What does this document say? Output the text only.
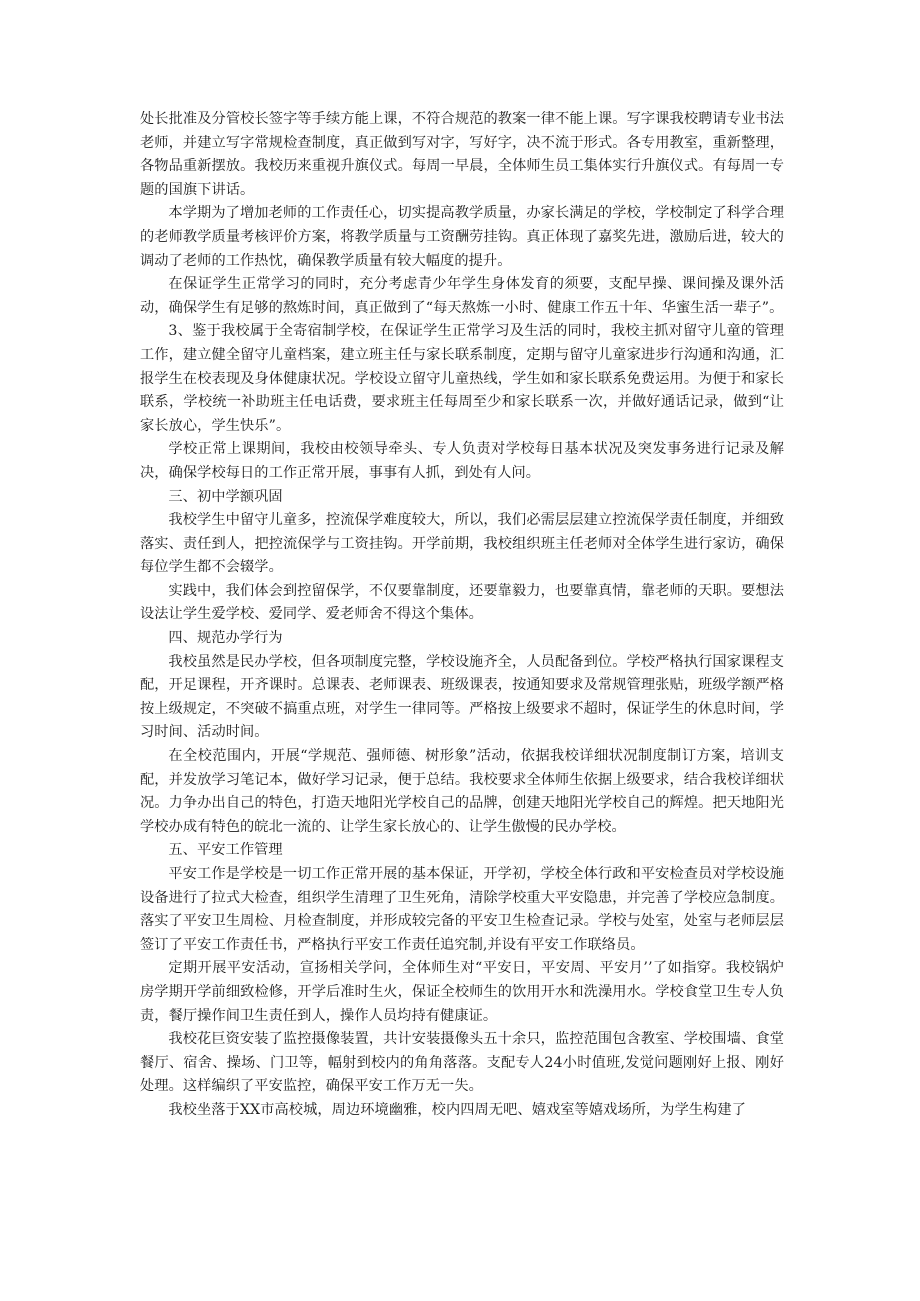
处长批准及分管校长签字等手续方能上课，不符合规范的教案一律不能上课。写字课我校聘请专业书法老师，并建立写字常规检查制度，真正做到写对字，写好字，决不流于形式。各专用教室，重新整理，各物品重新摆放。我校历来重视升旗仪式。每周一早晨，全体师生员工集体实行升旗仪式。有每周一专题的国旗下讲话。

本学期为了增加老师的工作责任心，切实提高教学质量，办家长满足的学校，学校制定了科学合理的老师教学质量考核评价方案，将教学质量与工资酬劳挂钩。真正体现了嘉奖先进，激励后进，较大的调动了老师的工作热忱，确保教学质量有较大幅度的提升。

在保证学生正常学习的同时，充分考虑青少年学生身体发育的须要，支配早操、课间操及课外活动，确保学生有足够的熬炼时间，真正做到了“每天熬炼一小时、健康工作五十年、华蜜生活一辈子”。

3、鉴于我校属于全寄宿制学校，在保证学生正常学习及生活的同时，我校主抓对留守儿童的管理工作，建立健全留守儿童档案，建立班主任与家长联系制度，定期与留守儿童家进步行沟通和沟通，汇报学生在校表现及身体健康状况。学校设立留守儿童热线，学生如和家长联系免费运用。为便于和家长联系，学校统一补助班主任电话费，要求班主任每周至少和家长联系一次，并做好通话记录，做到“让家长放心，学生快乐”。

学校正常上课期间，我校由校领导牵头、专人负责对学校每日基本状况及突发事务进行记录及解决，确保学校每日的工作正常开展，事事有人抓，到处有人问。

三、初中学额巩固

我校学生中留守儿童多，控流保学难度较大，所以，我们必需层层建立控流保学责任制度，并细致落实、责任到人，把控流保学与工资挂钩。开学前期，我校组织班主任老师对全体学生进行家访，确保每位学生都不会辍学。

实践中，我们体会到控留保学，不仅要靠制度，还要靠毅力，也要靠真情，靠老师的天职。要想法设法让学生爱学校、爱同学、爱老师舍不得这个集体。

四、规范办学行为

我校虽然是民办学校，但各项制度完整，学校设施齐全，人员配备到位。学校严格执行国家课程支配，开足课程，开齐课时。总课表、老师课表、班级课表，按通知要求及常规管理张贴，班级学额严格按上级规定，不突破不搞重点班，对学生一律同等。严格按上级要求不超时，保证学生的休息时间，学习时间、活动时间。

在全校范围内，开展“学规范、强师德、树形象”活动，依据我校详细状况制度制订方案，培训支配，并发放学习笔记本，做好学习记录，便于总结。我校要求全体师生依据上级要求，结合我校详细状况。力争办出自己的特色，打造天地阳光学校自己的品牌，创建天地阳光学校自己的辉煌。把天地阳光学校办成有特色的皖北一流的、让学生家长放心的、让学生傲慢的民办学校。

五、平安工作管理

平安工作是学校是一切工作正常开展的基本保证，开学初，学校全体行政和平安检查员对学校设施设备进行了拉式大检查，组织学生清理了卫生死角，清除学校重大平安隐患，并完善了学校应急制度。落实了平安卫生周检、月检查制度，并形成较完备的平安卫生检查记录。学校与处室，处室与老师层层签订了平安工作责任书，严格执行平安工作责任追究制,并设有平安工作联络员。

定期开展平安活动，宣扬相关学问，全体师生对“平安日，平安周、平安月’’了如指穿。我校锅炉房学期开学前细致检修，开学后准时生火，保证全校师生的饮用开水和洗澡用水。学校食堂卫生专人负责，餐厅操作间卫生责任到人，操作人员均持有健康证。

我校花巨资安装了监控摄像装置，共计安装摄像头五十余只，监控范围包含教室、学校围墙、食堂餐厅、宿舍、操场、门卫等，幅射到校内的角角落落。支配专人24小时值班,发觉问题刚好上报、刚好处理。这样编织了平安监控，确保平安工作万无一失。

我校坐落于XX市高校城，周边环境幽雅，校内四周无吧、嬉戏室等嬉戏场所，为学生构建了
